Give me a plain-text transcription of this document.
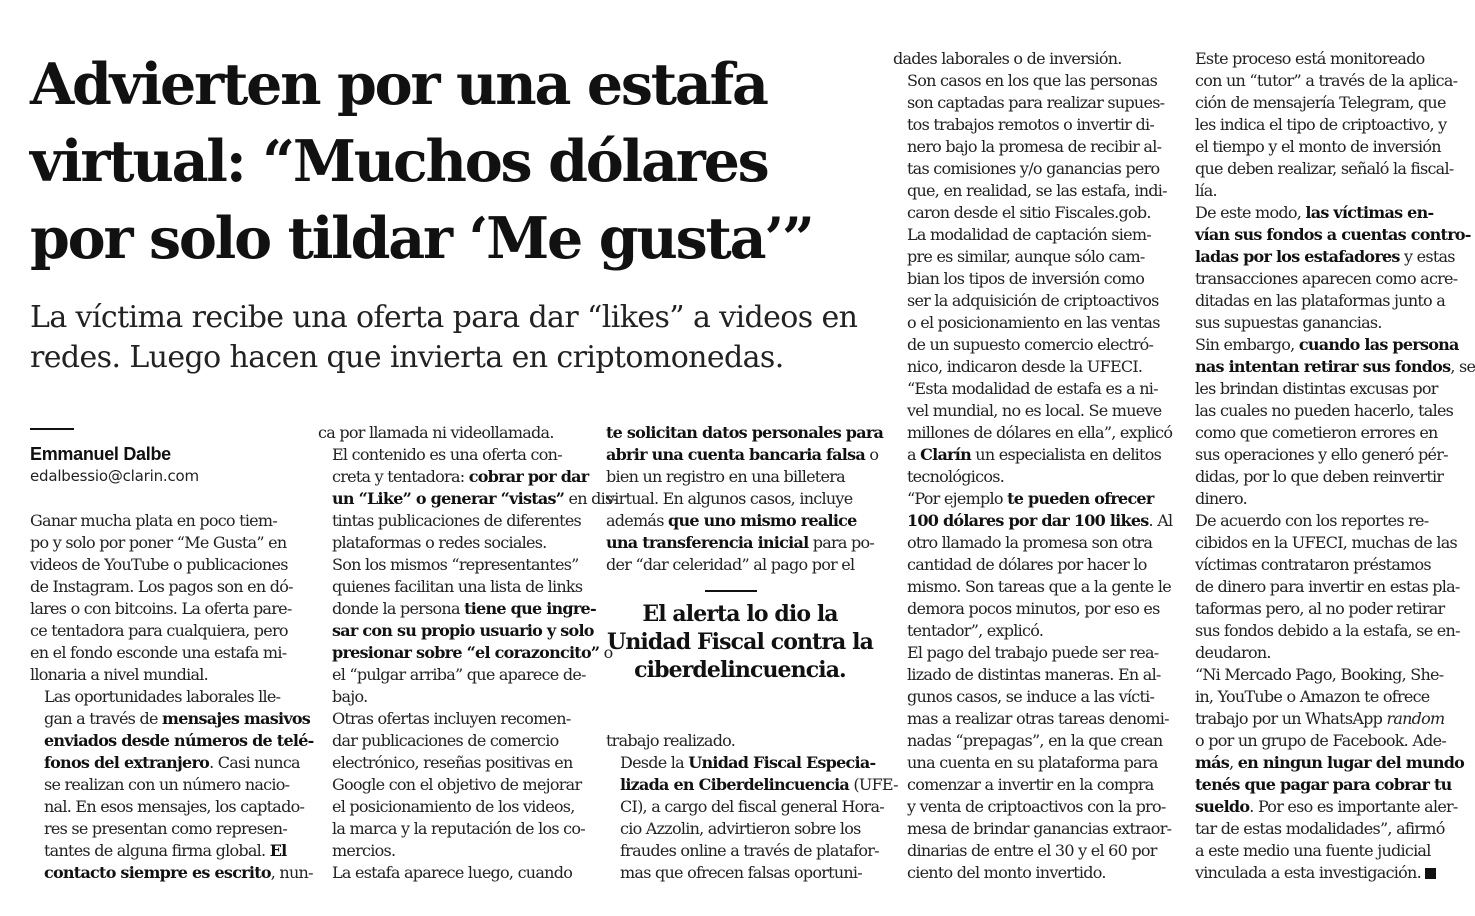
Advierten por una estafa
virtual: “Muchos dólares
por solo tildar ‘Me gusta’”
La víctima recibe una oferta para dar “likes” a videos en
redes. Luego hacen que invierta en criptomonedas.
Emmanuel Dalbe
edalbessio@clarin.com

Ganar mucha plata en poco tiem-
po y solo por poner “Me Gusta” en
videos de YouTube o publicaciones
de Instagram. Los pagos son en dó-
lares o con bitcoins. La oferta pare-
ce tentadora para cualquiera, pero
en el fondo esconde una estafa mi-
llonaria a nivel mundial.

Las oportunidades laborales lle-
gan a través de mensajes masivos
enviados desde números de telé-
fonos del extranjero. Casi nunca
se realizan con un número nacio-
nal. En esos mensajes, los captado-
res se presentan como represen-
tantes de alguna firma global. El
contacto siempre es escrito, nun-

ca por llamada ni videollamada.

El contenido es una oferta con-
creta y tentadora: cobrar por dar
un “Like” o generar “vistas” en dis-
tintas publicaciones de diferentes
plataformas o redes sociales.

Son los mismos “representantes”
quienes facilitan una lista de links
donde la persona tiene que ingre-
sar con su propio usuario y solo
presionar sobre “el corazoncito” o
el “pulgar arriba” que aparece de-
bajo.

Otras ofertas incluyen recomen-
dar publicaciones de comercio
electrónico, reseñas positivas en
Google con el objetivo de mejorar
el posicionamiento de los videos,
la marca y la reputación de los co-
mercios.

La estafa aparece luego, cuando

te solicitan datos personales para
abrir una cuenta bancaria falsa o
bien un registro en una billetera
virtual. En algunos casos, incluye
además que uno mismo realice
una transferencia inicial para po-
der “dar celeridad” al pago por el

El alerta lo dio la
Unidad Fiscal contra la
ciberdelincuencia.

trabajo realizado.

Desde la Unidad Fiscal Especia-
lizada en Ciberdelincuencia (UFE-
CI), a cargo del fiscal general Hora-
cio Azzolin, advirtieron sobre los
fraudes online a través de platafor-
mas que ofrecen falsas oportuni-

dades laborales o de inversión.

Son casos en los que las personas
son captadas para realizar supues-
tos trabajos remotos o invertir di-
nero bajo la promesa de recibir al-
tas comisiones y/o ganancias pero
que, en realidad, se las estafa, indi-
caron desde el sitio Fiscales.gob.

La modalidad de captación siem-
pre es similar, aunque sólo cam-
bian los tipos de inversión como
ser la adquisición de criptoactivos
o el posicionamiento en las ventas
de un supuesto comercio electró-
nico, indicaron desde la UFECI.

“Esta modalidad de estafa es a ni-
vel mundial, no es local. Se mueve
millones de dólares en ella”, explicó
a Clarín un especialista en delitos
tecnológicos.

“Por ejemplo te pueden ofrecer
100 dólares por dar 100 likes. Al
otro llamado la promesa son otra
cantidad de dólares por hacer lo
mismo. Son tareas que a la gente le
demora pocos minutos, por eso es
tentador”, explicó.

El pago del trabajo puede ser rea-
lizado de distintas maneras. En al-
gunos casos, se induce a las vícti-
mas a realizar otras tareas denomi-
nadas “prepagas”, en la que crean
una cuenta en su plataforma para
comenzar a invertir en la compra
y venta de criptoactivos con la pro-
mesa de brindar ganancias extraor-
dinarias de entre el 30 y el 60 por
ciento del monto invertido.

Este proceso está monitoreado
con un “tutor” a través de la aplica-
ción de mensajería Telegram, que
les indica el tipo de criptoactivo, y
el tiempo y el monto de inversión
que deben realizar, señaló la fiscal-
lía.

De este modo, las víctimas en-
vían sus fondos a cuentas contro-
ladas por los estafadores y estas
transacciones aparecen como acre-
ditadas en las plataformas junto a
sus supuestas ganancias.

Sin embargo, cuando las persona
nas intentan retirar sus fondos, se
les brindan distintas excusas por
las cuales no pueden hacerlo, tales
como que cometieron errores en
sus operaciones y ello generó pér-
didas, por lo que deben reinvertir
dinero.

De acuerdo con los reportes re-
cibidos en la UFECI, muchas de las
víctimas contrataron préstamos
de dinero para invertir en estas pla-
taformas pero, al no poder retirar
sus fondos debido a la estafa, se en-
deudaron.

“Ni Mercado Pago, Booking, She-
in, YouTube o Amazon te ofrece
trabajo por un WhatsApp random
o por un grupo de Facebook. Ade-
más, en ningun lugar del mundo
tenés que pagar para cobrar tu
sueldo. Por eso es importante aler-
tar de estas modalidades”, afirmó
a este medio una fuente judicial
vinculada a esta investigación.
